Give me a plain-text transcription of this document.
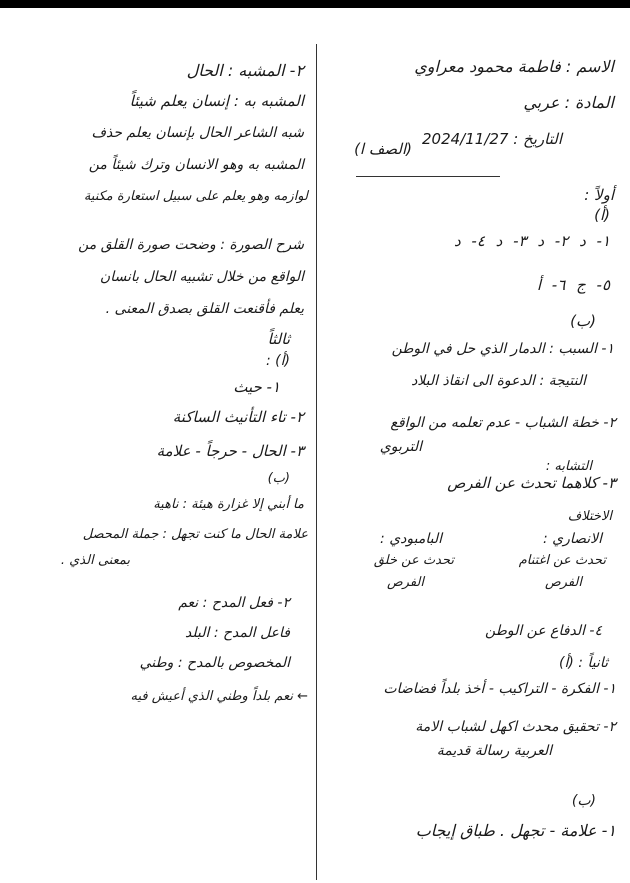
الاسم : فاطمة محمود معراوي
المادة : عربي
التاريخ : 2024/11/27
(الصف ا)
أولاً :
(أ)
١- د ٢- د ٣- د ٤- د
٥- ج ٦- أ
(ب)
١- السبب : الدمار الذي حل في الوطن
النتيجة : الدعوة الى انقاذ البلاد
٢- خطة الشباب - عدم تعلمه من الواقع
التربوي
التشابه :
٣- كلاهما تحدث عن الفرص
الاختلاف
الانصاري :
تحدث عن اغتنام
الفرص
البامبودي :
تحدث عن خلق
الفرص
٤- الدفاع عن الوطن
ثانياً : (أ)
١- الفكرة - التراكيب - أخذ بلداً فضاضات
٢- تحقيق محدث اكهل لشباب الامة
العربية رسالة قديمة
(ب)
١- علامة - تجهل . طباق إيجاب
٢- المشبه : الحال
المشبه به : إنسان يعلم شيئاً
شبه الشاعر الحال بإنسان يعلم حذف
المشبه به وهو الانسان وترك شيئاً من
لوازمه وهو يعلم على سبيل استعارة مكنية
شرح الصورة : وضحت صورة القلق من
الواقع من خلال تشبيه الحال بانسان
يعلم فأقنعت القلق بصدق المعنى .
ثالثاً
(أ) :
١- حيث
٢- تاء التأنيث الساكنة
٣- الحال - حرجاً - علامة
(ب)
ما أبني إلا غزارة هيئة : ناهية
علامة الحال ما كنت تجهل : جملة المحصل
بمعنى الذي .
٢- فعل المدح : نعم
فاعل المدح : البلد
المخصوص بالمدح : وطني
← نعم بلداً وطني الذي أعيش فيه
